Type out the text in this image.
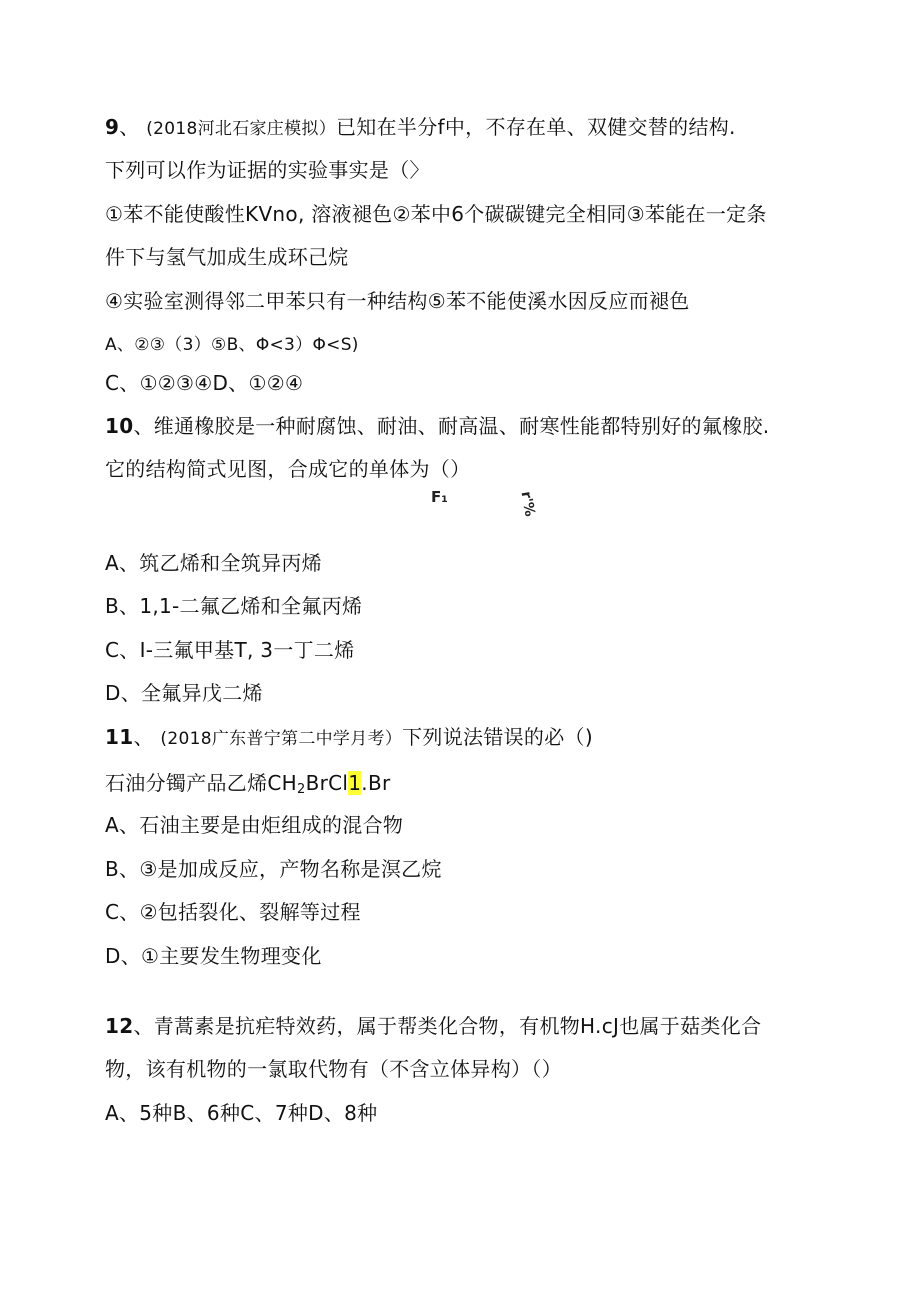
9、 (2018河北石家庄模拟）已知在半分f中，不存在单、双健交替的结构.
下列可以作为证据的实验事实是（〉
①苯不能使酸性KVno, 溶液褪色②苯中6个碳碳键完全相同③苯能在一定条
件下与氢气加成生成环己烷
④实验室测得邻二甲苯只有一种结构⑤苯不能使溪水因反应而褪色
A、②③（3）⑤B、Φ<3）Φ<S)
C、①②③④D、①②④
10、维通橡胶是一种耐腐蚀、耐油、耐高温、耐寒性能都特别好的氟橡胶.
它的结构简式见图，合成它的单体为（）
F₁	r'%
A、筑乙烯和全筑异丙烯
B、1,1-二氟乙烯和全氟丙烯
C、I-三氟甲基T, 3一丁二烯
D、全氟异戊二烯
11、 (2018广东普宁第二中学月考）下列说法错误的必（)
石油分镯产品乙烯$CH_2BrCl1.Br$
A、石油主要是由炬组成的混合物
B、③是加成反应，产物名称是溟乙烷
C、②包括裂化、裂解等过程
D、①主要发生物理变化
12、青蒿素是抗疟特效药，属于帮类化合物，有机物H.cJ也属于菇类化合
物，该有机物的一氯取代物有（不含立体异构）（）
A、5种B、6种C、7种D、8种
